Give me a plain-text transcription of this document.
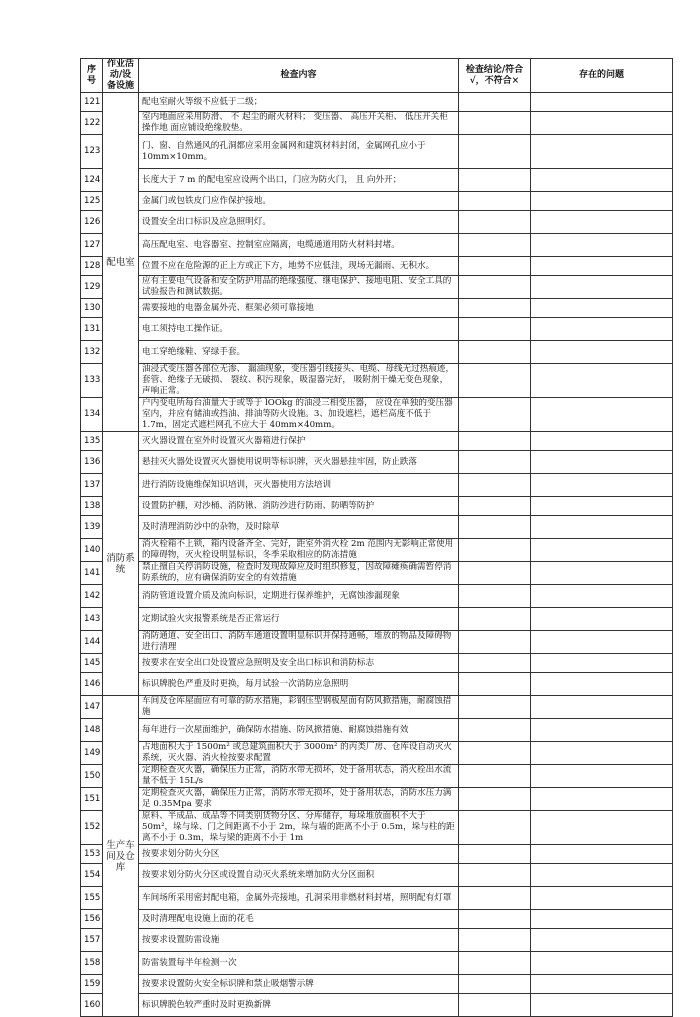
序号	作业活动/设备设施	检查内容	检查结论/符合√，不符合×	存在的问题
121	配电室	配电室耐火等级不应低于二级；		
122		室内地面应采用防滑、 不 起尘的耐火材料； 变压器、 高压开关柜、 低压开关柜操作地 面应铺设绝缘胶垫。		
123		门、窗、自然通风的孔洞都应采用金属网和建筑材料封闭，金属网孔应小于10mm×10mm。		
124		长度大于 7 m 的配电室应设两个出口，门应为防火门， 且 向外开；		
125		金属门或包铁皮门应作保护接地。		
126		设置安全出口标识及应急照明灯。		
127		高压配电室、电容器室、控制室应隔离，电缆通道用防火材料封堵。		
128		位置不应在危险源的正上方或正下方，地势不应低洼，现场无漏雨、无积水。		
129		应有主要电气设备和安全防护用品的绝缘强度、继电保护、接地电阻、安全工具的试验报告和测试数据。		
130		需要接地的电器金属外壳、框架必须可靠接地		
131		电工须持电工操作证。		
132		电工穿绝缘鞋、穿绿手套。		
133		油浸式变压器各部位无渗、 漏油现象，变压器引线接头、电缆、母线无过热痕迹，套管、绝缘子无破损、 裂纹、积污现象，吸湿器完好， 吸附剂干燥无变色现象，声响正常。		
134		户内变电所每台油量大于或等于 lOOkg 的油浸三相变压器， 应设在单独的变压器室内，并应有储油或挡油、排油等防火设施。3、加设遮栏，遮栏高度不低于 1.7m，固定式遮栏网孔不应大于 40mm×40mm。		
135	消防系统	灭火器设置在室外时设置灭火器箱进行保护		
136		悬挂灭火器处设置灭火器使用说明等标识牌，灭火器悬挂牢固，防止跌落		
137		进行消防设施维保知识培训，灭火器使用方法培训		
138		设置防护棚，对沙桶、消防锹、消防沙进行防雨、防晒等防护		
139		及时清理消防沙中的杂物，及时除草		
140		消火栓箱不上锁，箱内设备齐全、完好，距室外消火栓 2m 范围内无影响正常使用的障碍物，灭火栓设明显标识，冬季采取相应的防冻措施		
141		禁止擅自关停消防设施，检查时发现故障应及时组织修复，因故障瘫痪确需暂停消防系统的，应有确保消防安全的有效措施		
142		消防管道设置介质及流向标识，定期进行保养维护，无腐蚀渗漏现象		
143		定期试验火灾报警系统是否正常运行		
144		消防通道、安全出口、消防车通道设置明显标识并保持通畅，堆放的物品及障碍物进行清理		
145		按要求在安全出口处设置应急照明及安全出口标识和消防标志		
146		标识牌脱色严重及时更换，每月试验一次消防应急照明		
147	生产车间及仓库	车间及仓库屋面应有可靠的防水措施，彩钢压型钢板屋面有防风掀措施，耐腐蚀措施		
148		每年进行一次屋面维护，确保防水措施、防风掀措施、耐腐蚀措施有效		
149		占地面积大于 1500m² 或总建筑面积大于 3000m² 的丙类厂房、仓库设自动灭火系统，灭火器、消火栓按要求配置		
150		定期检查灭火器，确保压力正常，消防水带无损坏，处于备用状态，消火栓出水流量不低于 15L/s		
151		定期检查灭火器，确保压力正常，消防水带无损坏，处于备用状态，消防水压力满足 0.35Mpa 要求		
152		原料、半成品、成品等不同类别货物分区、分库储存，每垛堆放面积不大于50m²，垛与垛、门之间距离不小于 2m，垛与墙的距离不小于 0.5m，垛与柱的距离不小于 0.3m，垛与梁的距离不小于 1m		
153		按要求划分防火分区		
154		按要求划分防火分区或设置自动灭火系统来增加防火分区面积		
155		车间场所采用密封配电箱，金属外壳接地，孔洞采用非燃材料封堵，照明配有灯罩		
156		及时清理配电设施上面的花毛		
157		按要求设置防雷设施		
158		防雷装置每半年检测一次		
159		按要求设置防火安全标识牌和禁止吸烟警示牌		
160		标识牌脱色较严重时及时更换新牌		
